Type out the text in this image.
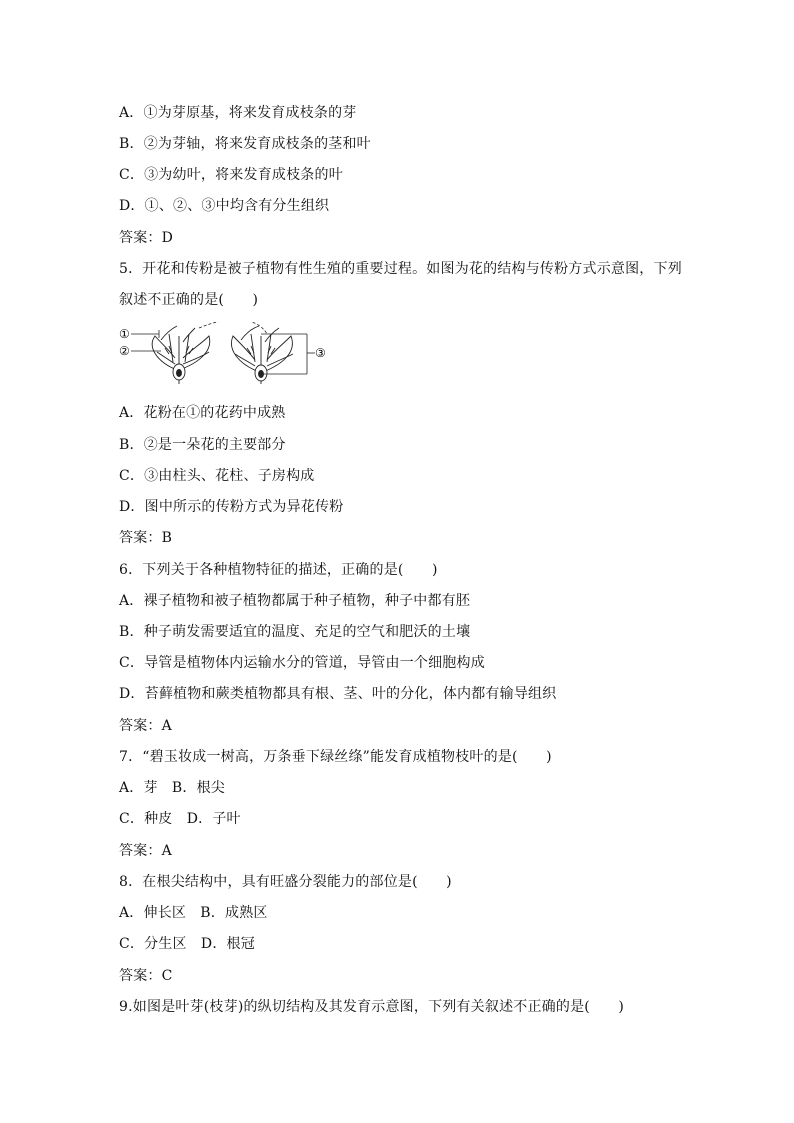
A．①为芽原基，将来发育成枝条的芽
B．②为芽轴，将来发育成枝条的茎和叶
C．③为幼叶，将来发育成枝条的叶
D．①、②、③中均含有分生组织
答案：D
5．开花和传粉是被子植物有性生殖的重要过程。如图为花的结构与传粉方式示意图，下列
叙述不正确的是(　　)
①
②	③
A．花粉在①的花药中成熟
B．②是一朵花的主要部分
C．③由柱头、花柱、子房构成
D．图中所示的传粉方式为异花传粉
答案：B
6．下列关于各种植物特征的描述，正确的是(　　)
A．裸子植物和被子植物都属于种子植物，种子中都有胚
B．种子萌发需要适宜的温度、充足的空气和肥沃的土壤
C．导管是植物体内运输水分的管道，导管由一个细胞构成
D．苔藓植物和蕨类植物都具有根、茎、叶的分化，体内都有输导组织
答案：A
7．“碧玉妆成一树高，万条垂下绿丝绦”能发育成植物枝叶的是(　　)
A．芽　B．根尖
C．种皮　D．子叶
答案：A
8．在根尖结构中，具有旺盛分裂能力的部位是(　　)
A．伸长区　B．成熟区
C．分生区　D．根冠
答案：C
9.如图是叶芽(枝芽)的纵切结构及其发育示意图，下列有关叙述不正确的是(　　)
